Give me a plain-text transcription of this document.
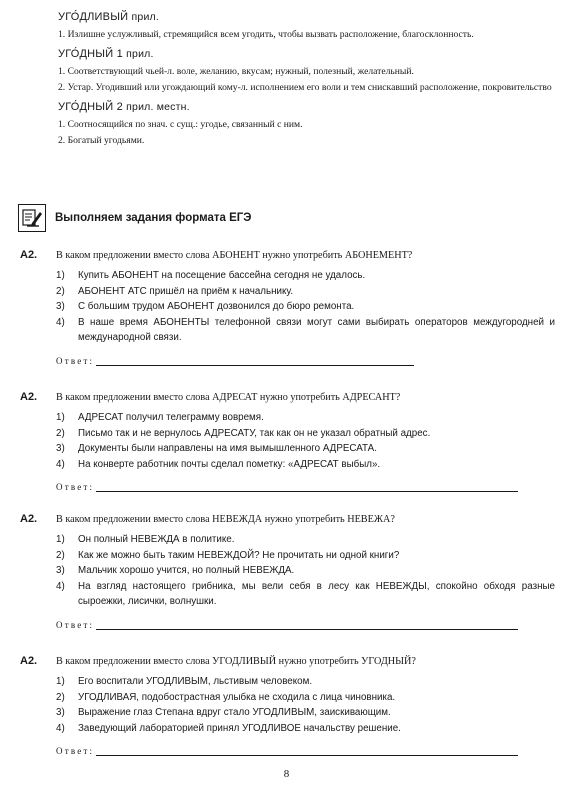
УГО́ДЛИВЫЙ прил.
1. Излишне услужливый, стремящийся всем угодить, чтобы вызвать расположение, благосклонность.
УГО́ДНЫЙ 1 прил.
1. Соответствующий чьей-л. воле, желанию, вкусам; нужный, полезный, желательный.
2. Устар. Угодивший или угождающий кому-л. исполнением его воли и тем снискавший расположение, покровительство
УГО́ДНЫЙ 2 прил. местн.
1. Соотносящийся по знач. с сущ.: угодье, связанный с ним.
2. Богатый угодьями.
Выполняем задания формата ЕГЭ
А2.	В каком предложении вместо слова АБОНЕНТ нужно употребить АБОНЕМЕНТ?
1)	Купить АБОНЕНТ на посещение бассейна сегодня не удалось.
2)	АБОНЕНТ АТС пришёл на приём к начальнику.
3)	С большим трудом АБОНЕНТ дозвонился до бюро ремонта.
4)	В наше время АБОНЕНТЫ телефонной связи могут сами выбирать операторов междугородней и международной связи.
Ответ:
А2.	В каком предложении вместо слова АДРЕСАТ нужно употребить АДРЕСАНТ?
1)	АДРЕСАТ получил телеграмму вовремя.
2)	Письмо так и не вернулось АДРЕСАТУ, так как он не указал обратный адрес.
3)	Документы были направлены на имя вымышленного АДРЕСАТА.
4)	На конверте работник почты сделал пометку: «АДРЕСАТ выбыл».
Ответ:
А2.	В каком предложении вместо слова НЕВЕЖДА нужно употребить НЕВЕЖА?
1)	Он полный НЕВЕЖДА в политике.
2)	Как же можно быть таким НЕВЕЖДОЙ? Не прочитать ни одной книги?
3)	Мальчик хорошо учится, но полный НЕВЕЖДА.
4)	На взгляд настоящего грибника, мы вели себя в лесу как НЕВЕЖДЫ, спокойно обходя разные сыроежки, лисички, волнушки.
Ответ:
А2.	В каком предложении вместо слова УГОДЛИВЫЙ нужно употребить УГОДНЫЙ?
1)	Его воспитали УГОДЛИВЫМ, льстивым человеком.
2)	УГОДЛИВАЯ, подобострастная улыбка не сходила с лица чиновника.
3)	Выражение глаз Степана вдруг стало УГОДЛИВЫМ, заискивающим.
4)	Заведующий лабораторией принял УГОДЛИВОЕ начальству решение.
Ответ:
8
